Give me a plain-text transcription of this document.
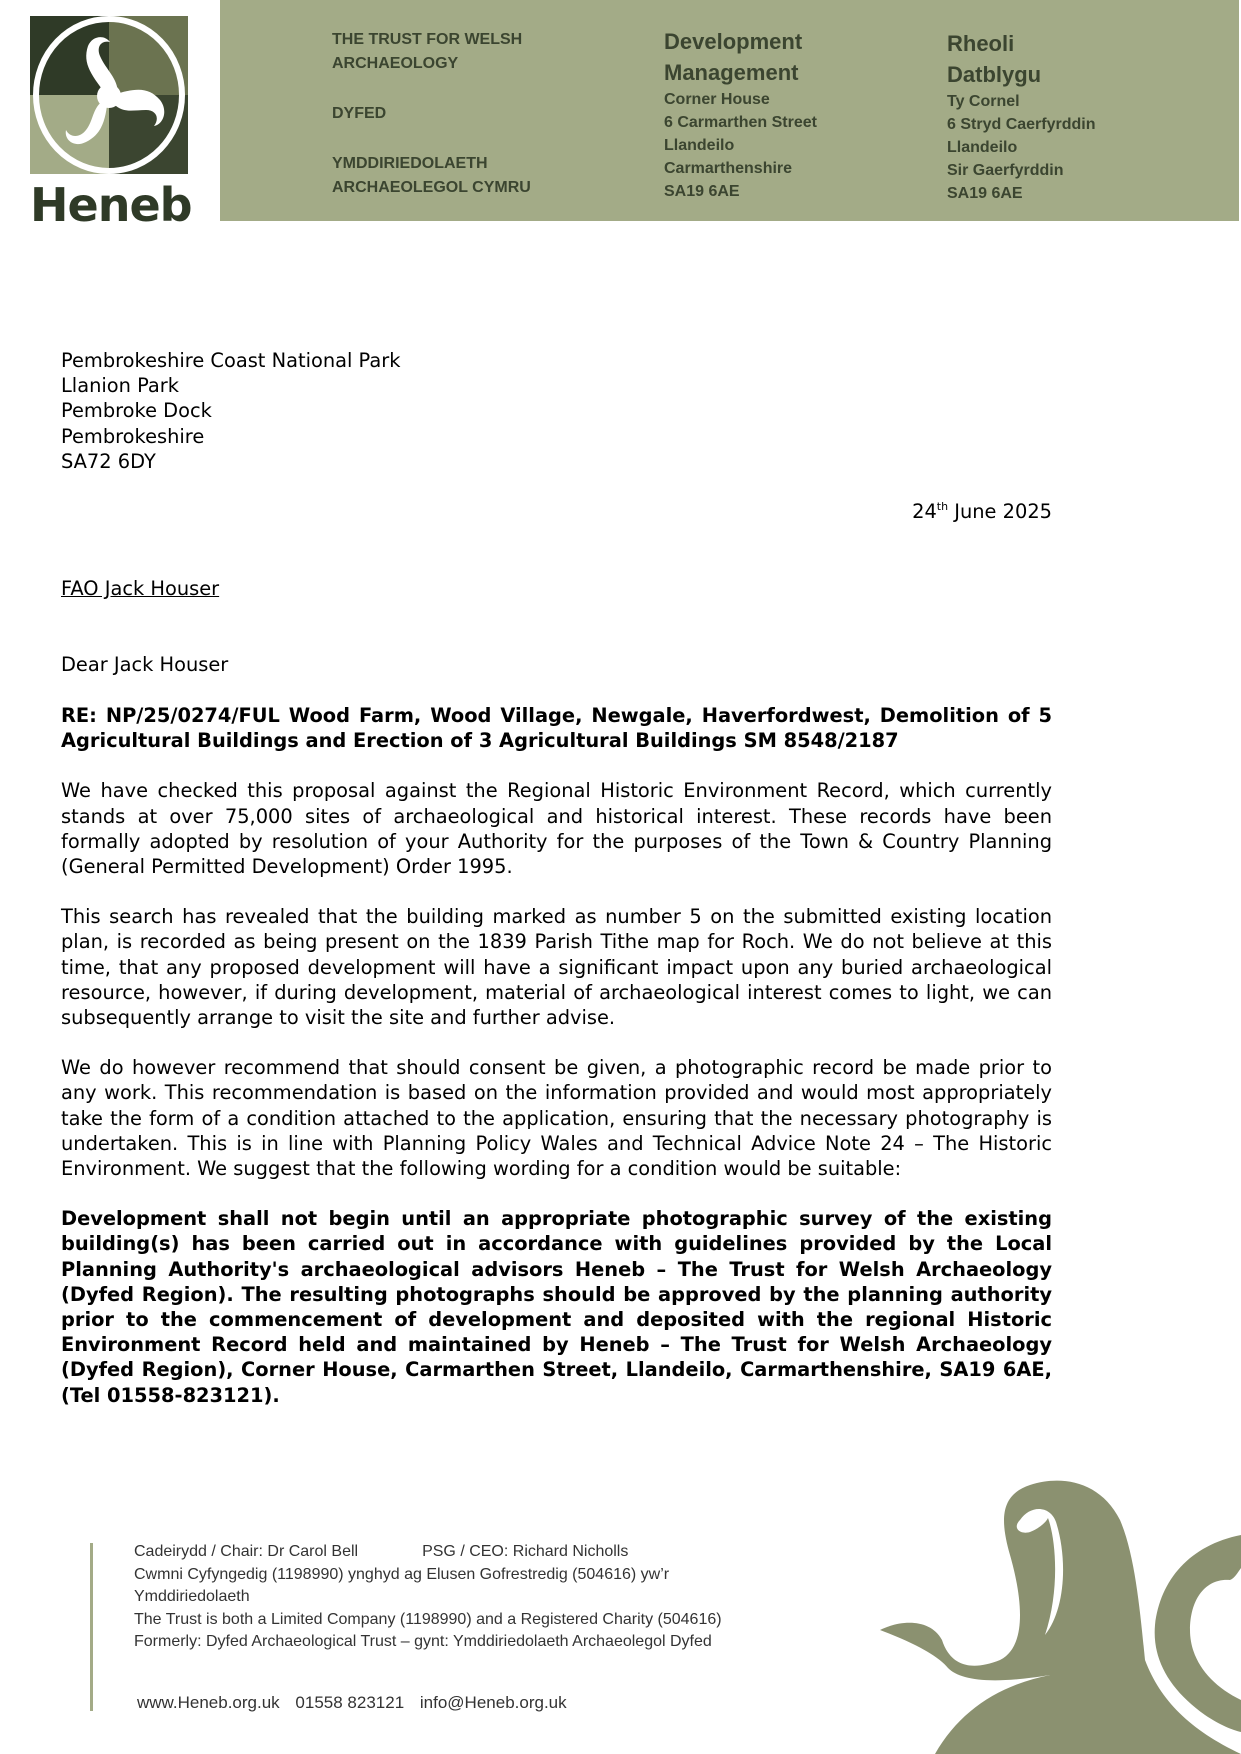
Heneb
THE TRUST FOR WELSH
ARCHAEOLOGY
DYFED
YMDDIRIEDOLAETH
ARCHAEOLEGOL CYMRU
Development
Management
Corner House
6 Carmarthen Street
Llandeilo
Carmarthenshire
SA19 6AE
Rheoli
Datblygu
Ty Cornel
6 Stryd Caerfyrddin
Llandeilo
Sir Gaerfyrddin
SA19 6AE
Pembrokeshire Coast National Park
Llanion Park
Pembroke Dock
Pembrokeshire
SA72 6DY
24th June 2025
FAO Jack Houser
Dear Jack Houser

RE: NP/25/0274/FUL Wood Farm, Wood Village, Newgale, Haverfordwest, Demolition of 5 Agricultural Buildings and Erection of 3 Agricultural Buildings SM 8548/2187

We have checked this proposal against the Regional Historic Environment Record, which currently stands at over 75,000 sites of archaeological and historical interest. These records have been formally adopted by resolution of your Authority for the purposes of the Town & Country Planning (General Permitted Development) Order 1995.

This search has revealed that the building marked as number 5 on the submitted existing location plan, is recorded as being present on the 1839 Parish Tithe map for Roch. We do not believe at this time, that any proposed development will have a significant impact upon any buried archaeological resource, however, if during development, material of archaeological interest comes to light, we can subsequently arrange to visit the site and further advise.

We do however recommend that should consent be given, a photographic record be made prior to any work. This recommendation is based on the information provided and would most appropriately take the form of a condition attached to the application, ensuring that the necessary photography is undertaken. This is in line with Planning Policy Wales and Technical Advice Note 24 – The Historic Environment. We suggest that the following wording for a condition would be suitable:

Development shall not begin until an appropriate photographic survey of the existing building(s) has been carried out in accordance with guidelines provided by the Local Planning Authority's archaeological advisors Heneb – The Trust for Welsh Archaeology (Dyfed Region). The resulting photographs should be approved by the planning authority prior to the commencement of development and deposited with the regional Historic Environment Record held and maintained by Heneb – The Trust for Welsh Archaeology (Dyfed Region), Corner House, Carmarthen Street, Llandeilo, Carmarthenshire, SA19 6AE, (Tel 01558-823121).

Cadeirydd / Chair: Dr Carol Bell	PSG / CEO: Richard Nicholls
Cwmni Cyfyngedig (1198990) ynghyd ag Elusen Gofrestredig (504616) yw’r
Ymddiriedolaeth
The Trust is both a Limited Company (1198990) and a Registered Charity (504616)
Formerly: Dyfed Archaeological Trust – gynt: Ymddiriedolaeth Archaeolegol Dyfed
www.Heneb.org.uk 01558 823121 info@Heneb.org.uk
